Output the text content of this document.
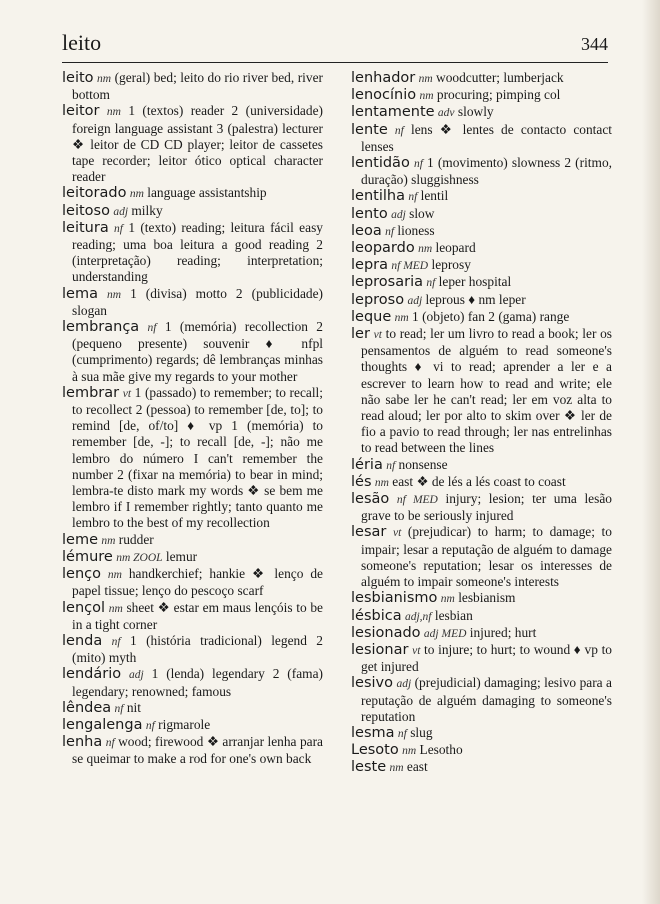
leito	344

leito nm (geral) bed; leito do rio river bed, river bottom

leitor nm 1 (textos) reader 2 (universidade) foreign language assistant 3 (palestra) lecturer ❖ leitor de CD CD player; leitor de cassetes tape recorder; leitor ótico optical character reader

leitorado nm language assistantship

leitoso adj milky

leitura nf 1 (texto) reading; leitura fácil easy reading; uma boa leitura a good reading 2 (interpretação) reading; interpretation; understanding

lema nm 1 (divisa) motto 2 (publicidade) slogan

lembrança nf 1 (memória) recollection 2 (pequeno presente) souvenir ♦ nfpl (cumprimento) regards; dê lembranças minhas à sua mãe give my regards to your mother

lembrar vt 1 (passado) to remember; to recall; to recollect 2 (pessoa) to remember [de, to]; to remind [de, of/to] ♦ vp 1 (memória) to remember [de, -]; to recall [de, -]; não me lembro do número I can't remember the number 2 (fixar na memória) to bear in mind; lembra-te disto mark my words ❖ se bem me lembro if I remember rightly; tanto quanto me lembro to the best of my recollection

leme nm rudder

lémure nm ZOOL lemur

lenço nm handkerchief; hankie ❖ lenço de papel tissue; lenço do pescoço scarf

lençol nm sheet ❖ estar em maus lençóis to be in a tight corner

lenda nf 1 (história tradicional) legend 2 (mito) myth

lendário adj 1 (lenda) legendary 2 (fama) legendary; renowned; famous

lêndea nf nit

lengalenga nf rigmarole

lenha nf wood; firewood ❖ arranjar lenha para se queimar to make a rod for one's own back

lenhador nm woodcutter; lumberjack

lenocínio nm procuring; pimping col

lentamente adv slowly

lente nf lens ❖ lentes de contacto contact lenses

lentidão nf 1 (movimento) slowness 2 (ritmo, duração) sluggishness

lentilha nf lentil

lento adj slow

leoa nf lioness

leopardo nm leopard

lepra nf MED leprosy

leprosaria nf leper hospital

leproso adj leprous ♦ nm leper

leque nm 1 (objeto) fan 2 (gama) range

ler vt to read; ler um livro to read a book; ler os pensamentos de alguém to read someone's thoughts ♦ vi to read; aprender a ler e a escrever to learn how to read and write; ele não sabe ler he can't read; ler em voz alta to read aloud; ler por alto to skim over ❖ ler de fio a pavio to read through; ler nas entrelinhas to read between the lines

léria nf nonsense

lés nm east ❖ de lés a lés coast to coast

lesão nf MED injury; lesion; ter uma lesão grave to be seriously injured

lesar vt (prejudicar) to harm; to damage; to impair; lesar a reputação de alguém to damage someone's reputation; lesar os interesses de alguém to impair someone's interests

lesbianismo nm lesbianism

lésbica adj,nf lesbian

lesionado adj MED injured; hurt

lesionar vt to injure; to hurt; to wound ♦ vp to get injured

lesivo adj (prejudicial) damaging; lesivo para a reputação de alguém damaging to someone's reputation

lesma nf slug

Lesoto nm Lesotho

leste nm east
